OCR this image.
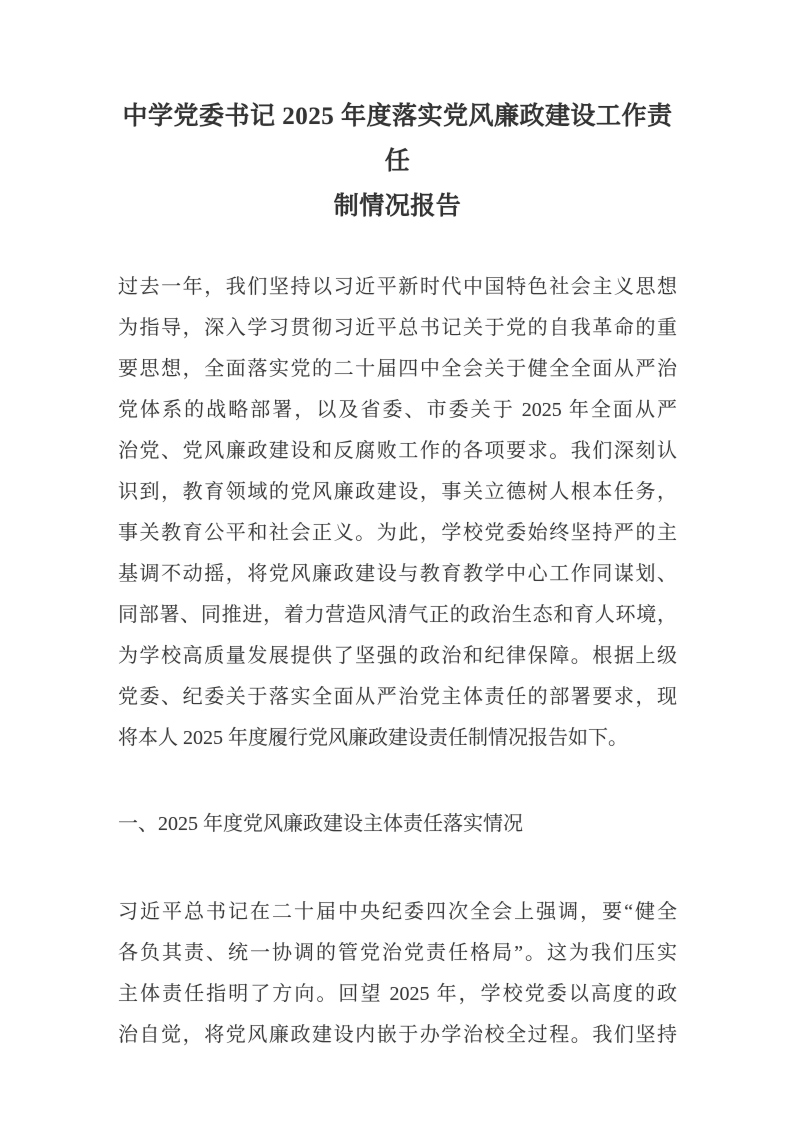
中学党委书记 2025 年度落实党风廉政建设工作责任
制情况报告
过去一年，我们坚持以习近平新时代中国特色社会主义思想
为指导，深入学习贯彻习近平总书记关于党的自我革命的重
要思想，全面落实党的二十届四中全会关于健全全面从严治
党体系的战略部署，以及省委、市委关于 2025 年全面从严
治党、党风廉政建设和反腐败工作的各项要求。我们深刻认
识到，教育领域的党风廉政建设，事关立德树人根本任务，
事关教育公平和社会正义。为此，学校党委始终坚持严的主
基调不动摇，将党风廉政建设与教育教学中心工作同谋划、
同部署、同推进，着力营造风清气正的政治生态和育人环境，
为学校高质量发展提供了坚强的政治和纪律保障。根据上级
党委、纪委关于落实全面从严治党主体责任的部署要求，现
将本人 2025 年度履行党风廉政建设责任制情况报告如下。
一、2025 年度党风廉政建设主体责任落实情况
习近平总书记在二十届中央纪委四次全会上强调，要“健全
各负其责、统一协调的管党治党责任格局”。这为我们压实
主体责任指明了方向。回望 2025 年，学校党委以高度的政
治自觉，将党风廉政建设内嵌于办学治校全过程。我们坚持
